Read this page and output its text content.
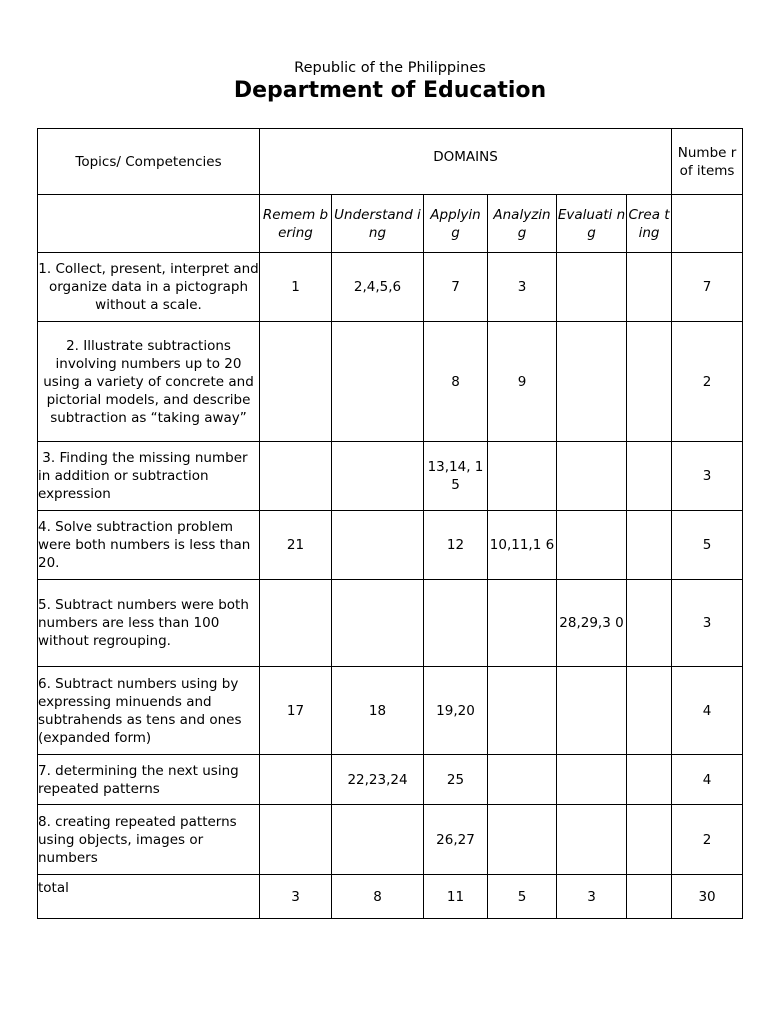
Republic of the Philippines
Department of Education
Topics/ Competencies	DOMAINS						Numbe r of items
	Remem bering	Understand ing	Applyin g	Analyzin g	Evaluati ng	Crea ting	
1. Collect, present, interpret and organize data in a pictograph without a scale.	1	2,4,5,6	7	3			7
2. Illustrate subtractions involving numbers up to 20 using a variety of concrete and pictorial models, and describe subtraction as “taking away”			8	9			2
3. Finding the missing number in addition or subtraction expression			13,14, 15				3
4. Solve subtraction problem were both numbers is less than 20.	21		12	10,11,1 6			5
5. Subtract numbers were both numbers are less than 100 without regrouping.					28,29,3 0		3
6. Subtract numbers using by expressing minuends and subtrahends as tens and ones (expanded form)	17	18	19,20				4
7. determining the next using repeated patterns		22,23,24	25				4
8. creating repeated patterns using objects, images or numbers			26,27				2
total	3	8	11	5	3		30
